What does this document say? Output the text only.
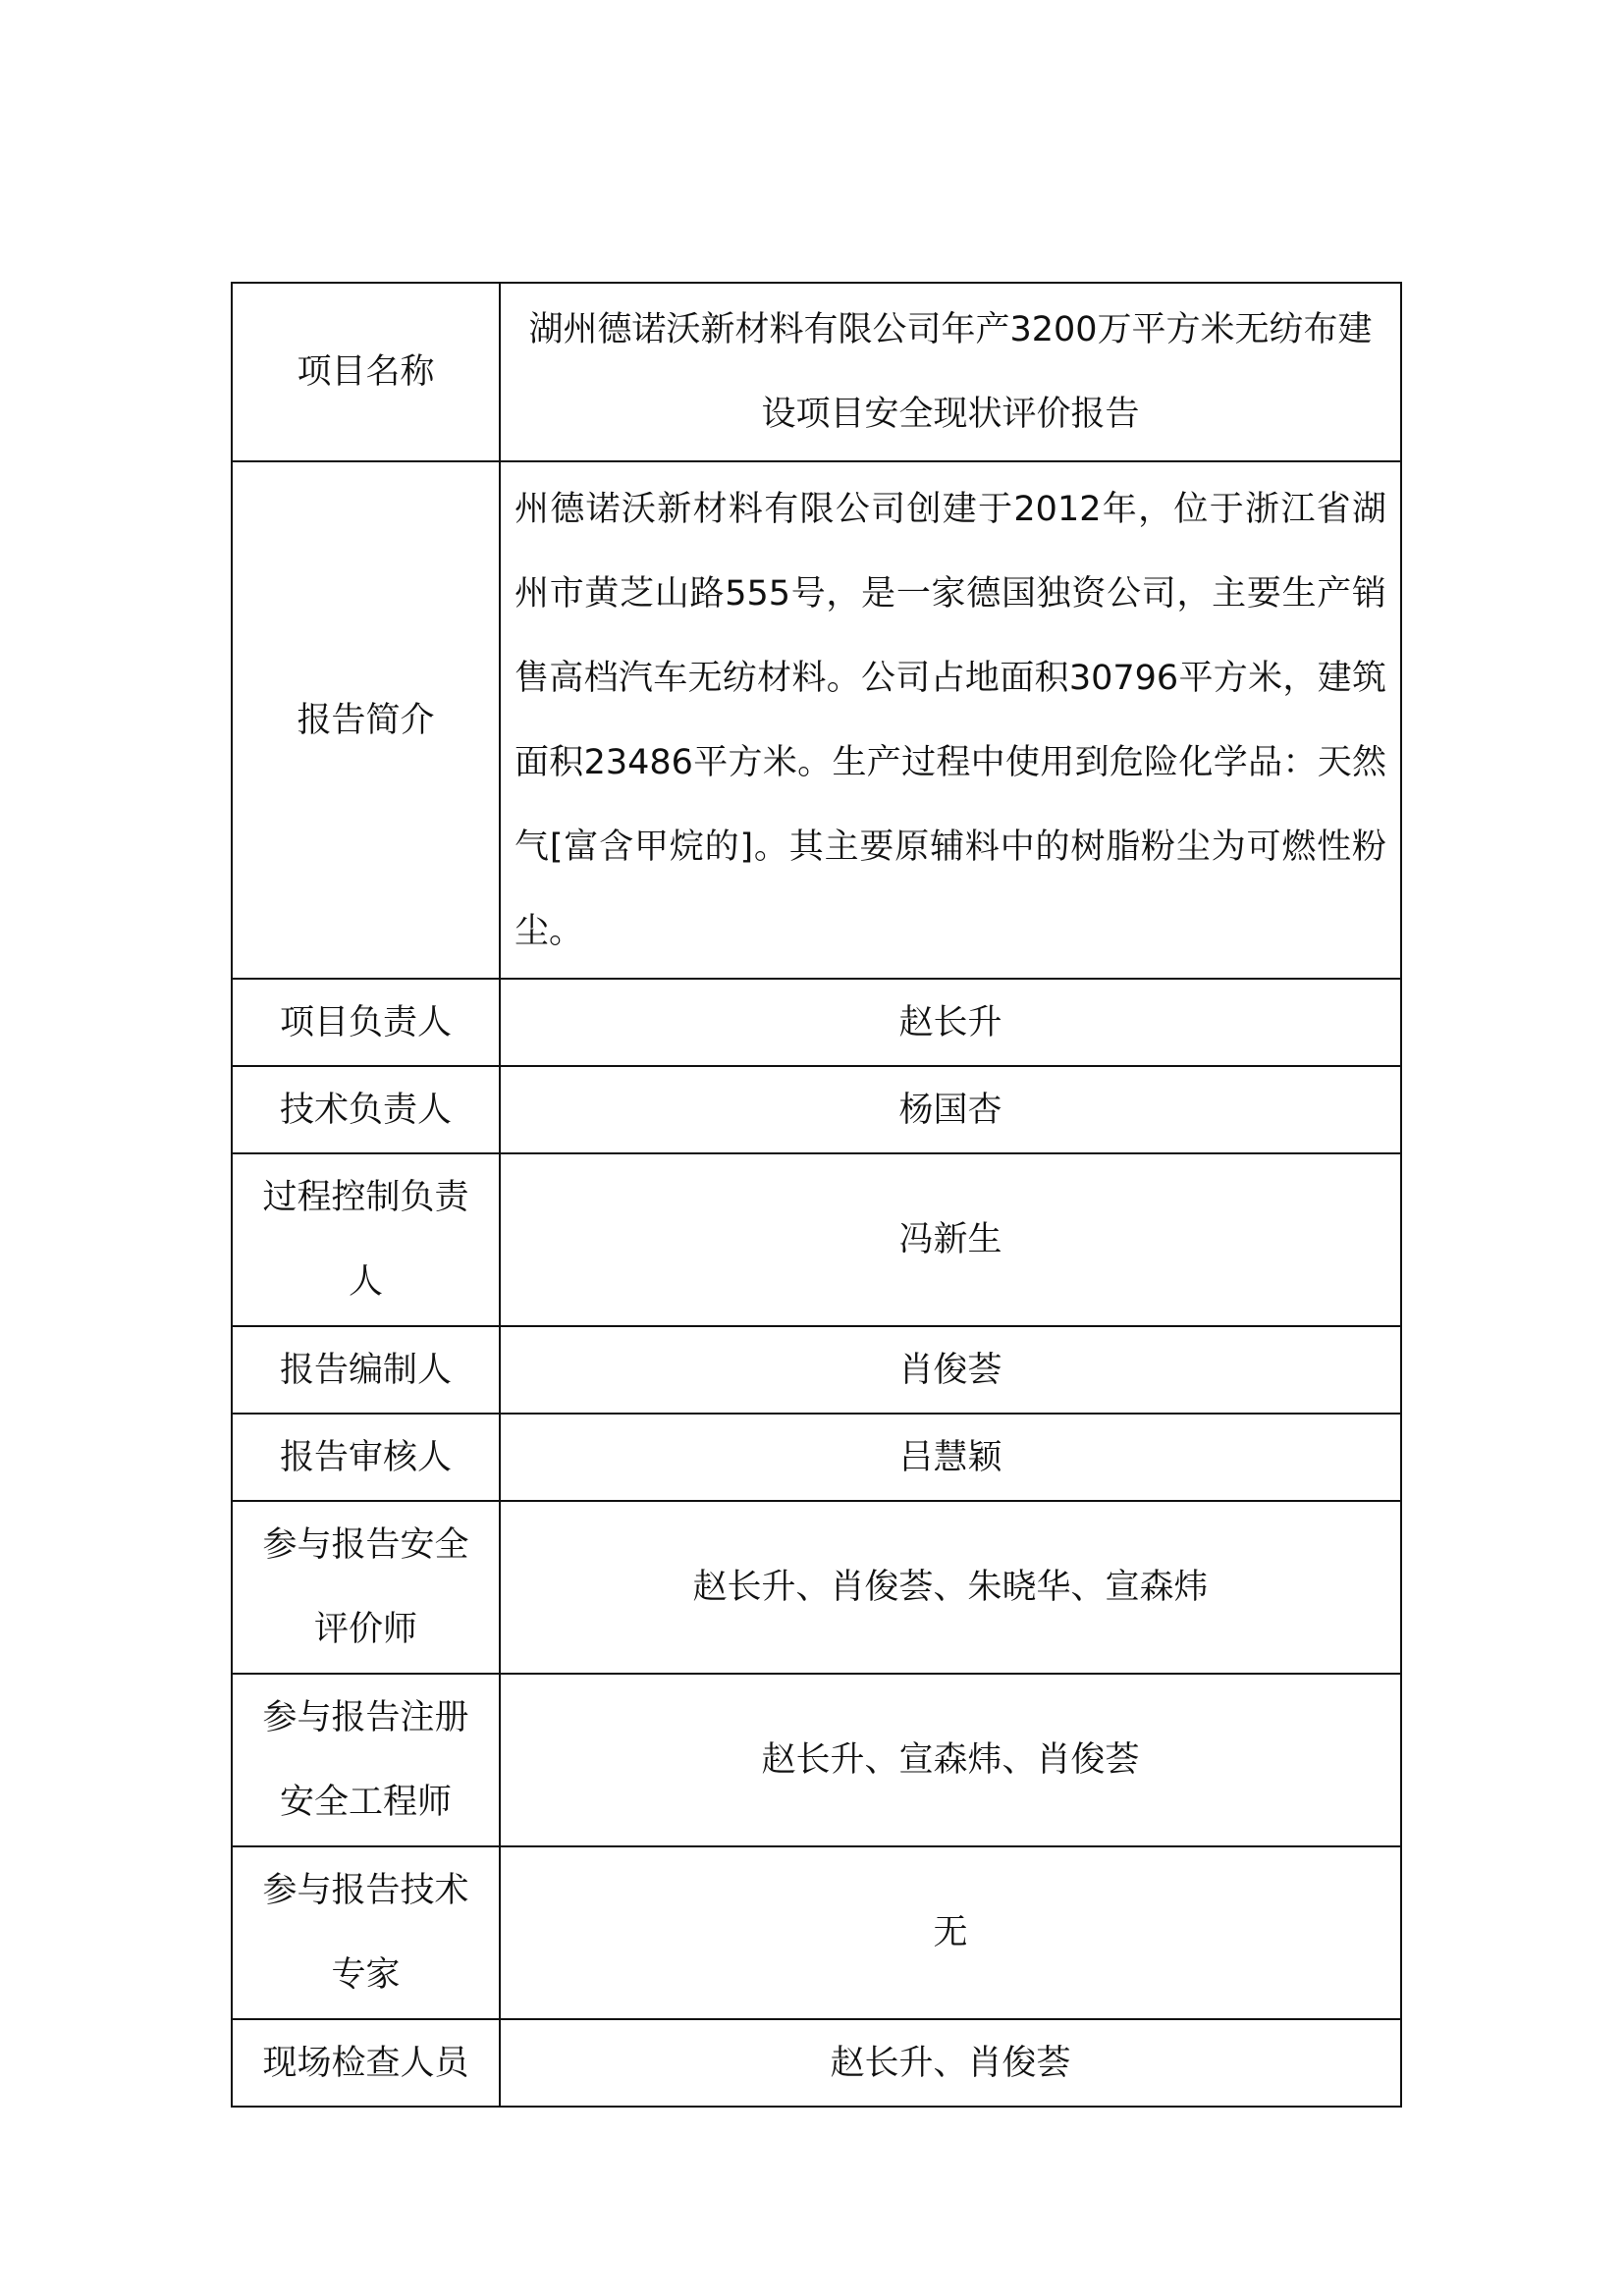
项目名称	湖州德诺沃新材料有限公司年产3200万平方米无纺布建设项目安全现状评价报告
报告简介	州德诺沃新材料有限公司创建于2012年，位于浙江省湖州市黄芝山路555号，是一家德国独资公司，主要生产销售高档汽车无纺材料。公司占地面积30796平方米，建筑面积23486平方米。生产过程中使用到危险化学品：天然气[富含甲烷的]。其主要原辅料中的树脂粉尘为可燃性粉尘。
项目负责人	赵长升
技术负责人	杨国杏
过程控制负责人	冯新生
报告编制人	肖俊荟
报告审核人	吕慧颖
参与报告安全评价师	赵长升、肖俊荟、朱晓华、宣森炜
参与报告注册安全工程师	赵长升、宣森炜、肖俊荟
参与报告技术专家	无
现场检查人员	赵长升、肖俊荟
